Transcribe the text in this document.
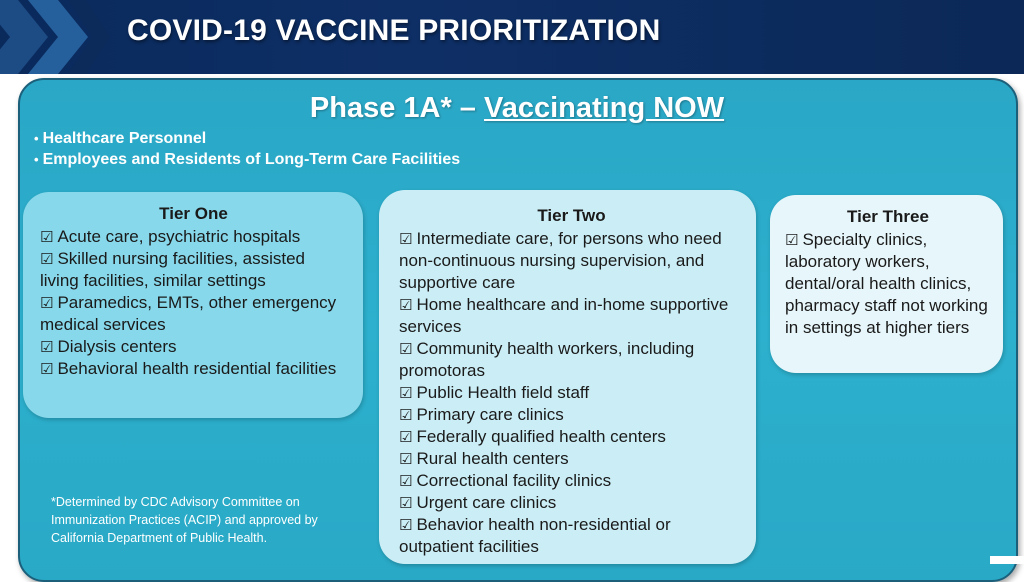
COVID-19 VACCINE PRIORITIZATION
Phase 1A* – Vaccinating NOW
• Healthcare Personnel
• Employees and Residents of Long-Term Care Facilities
Tier One
☑ Acute care, psychiatric hospitals
☑ Skilled nursing facilities, assisted living facilities, similar settings
☑ Paramedics, EMTs, other emergency medical services
☑ Dialysis centers
☑ Behavioral health residential facilities
Tier Two
☑ Intermediate care, for persons who need non-continuous nursing supervision, and supportive care
☑ Home healthcare and in-home supportive services
☑ Community health workers, including promotoras
☑ Public Health field staff
☑ Primary care clinics
☑ Federally qualified health centers
☑ Rural health centers
☑ Correctional facility clinics
☑ Urgent care clinics
☑ Behavior health non-residential or outpatient facilities
Tier Three
☑ Specialty clinics, laboratory workers, dental/oral health clinics, pharmacy staff not working in settings at higher tiers
*Determined by CDC Advisory Committee on Immunization Practices (ACIP) and approved by California Department of Public Health.
